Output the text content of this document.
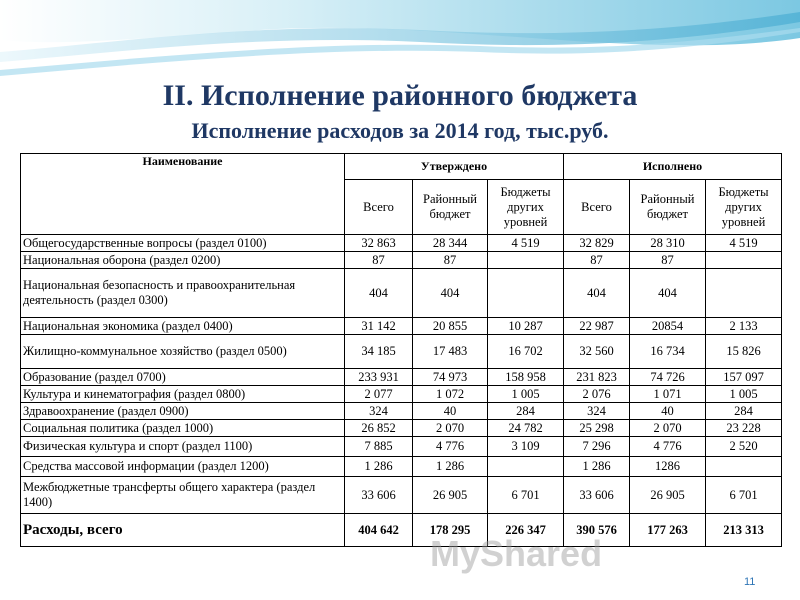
II. Исполнение районного бюджета
Исполнение расходов за 2014 год, тыс.руб.
Наименование	Утверждено			Исполнено		
	Всего	Районный бюджет	Бюджеты других уровней	Всего	Районный бюджет	Бюджеты других уровней
Общегосударственные вопросы (раздел 0100)	32 863	28 344	4 519	32 829	28 310	4 519
Национальная оборона (раздел 0200)	87	87		87	87	
Национальная безопасность и правоохранительная деятельность (раздел 0300)	404	404		404	404	
Национальная экономика (раздел 0400)	31 142	20 855	10 287	22 987	20854	2 133
Жилищно-коммунальное хозяйство (раздел 0500)	34 185	17 483	16 702	32 560	16 734	15 826
Образование (раздел 0700)	233 931	74 973	158 958	231 823	74 726	157 097
Культура и кинематография (раздел 0800)	2 077	1 072	1 005	2 076	1 071	1 005
Здравоохранение (раздел 0900)	324	40	284	324	40	284
Социальная политика (раздел 1000)	26 852	2 070	24 782	25 298	2 070	23 228
Физическая культура и спорт (раздел 1100)	7 885	4 776	3 109	7 296	4 776	2 520
Средства массовой информации (раздел 1200)	1 286	1 286		1 286	1286	
Межбюджетные трансферты общего характера (раздел 1400)	33 606	26 905	6 701	33 606	26 905	6 701
Расходы, всего	404 642	178 295	226 347	390 576	177 263	213 313
MyShared
11
